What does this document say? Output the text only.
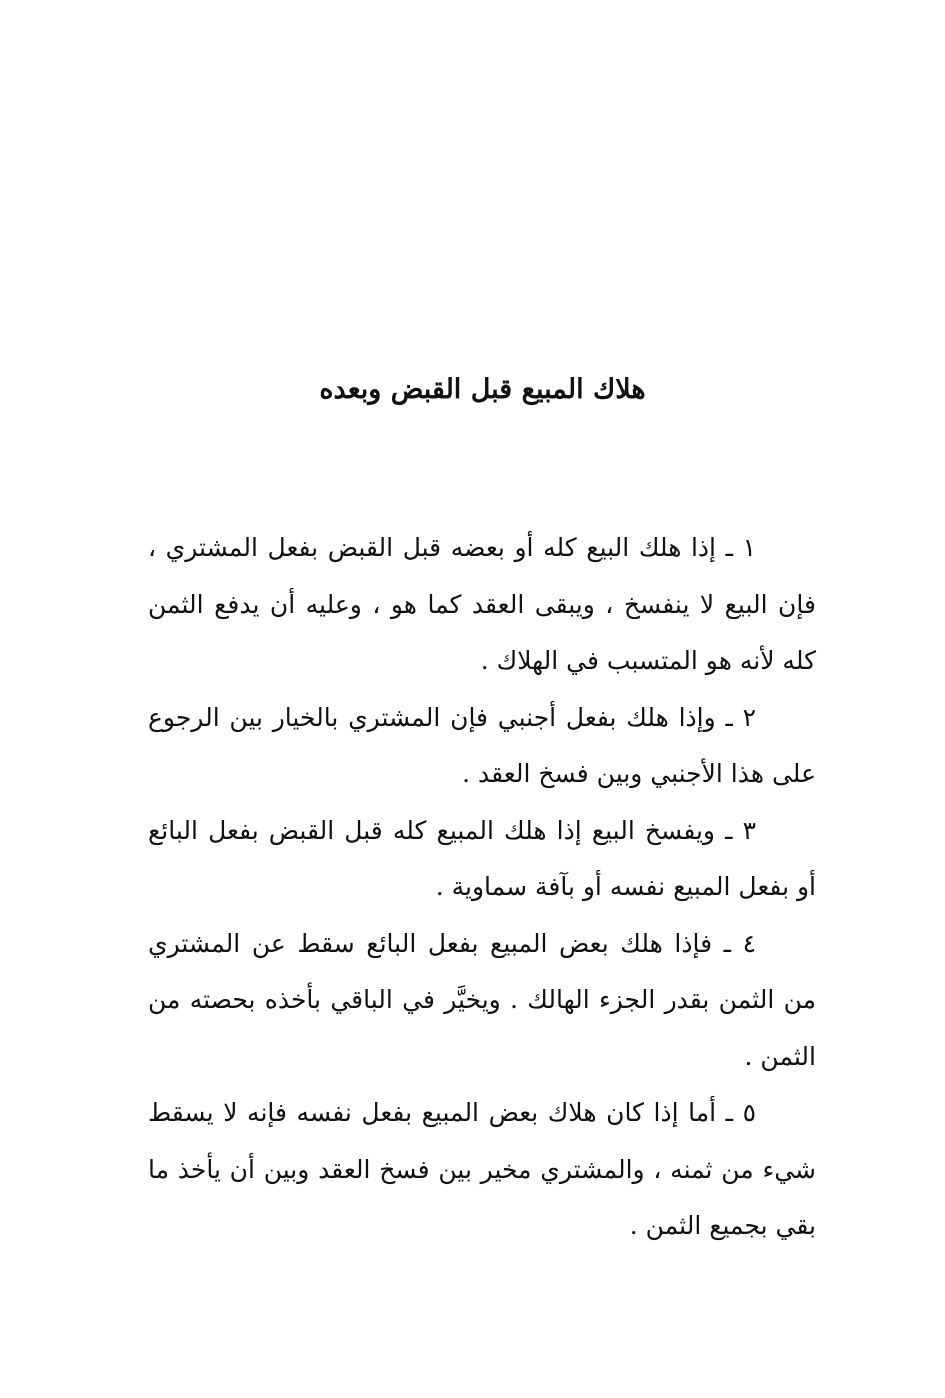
هلاك المبيع قبل القبض وبعده

١ ـ إذا هلك البيع كله أو بعضه قبل القبض بفعل المشتري ، فإن البيع لا ينفسخ ، ويبقى العقد كما هو ، وعليه أن يدفع الثمن كله لأنه هو المتسبب في الهلاك .

٢ ـ وإذا هلك بفعل أجنبي فإن المشتري بالخيار بين الرجوع على هذا الأجنبي وبين فسخ العقد .

٣ ـ ويفسخ البيع إذا هلك المبيع كله قبل القبض بفعل البائع أو بفعل المبيع نفسه أو بآفة سماوية .

٤ ـ فإذا هلك بعض المبيع بفعل البائع سقط عن المشتري من الثمن بقدر الجزء الهالك . ويخيَّر في الباقي بأخذه بحصته من الثمن .

٥ ـ أما إذا كان هلاك بعض المبيع بفعل نفسه فإنه لا يسقط شيء من ثمنه ، والمشتري مخير بين فسخ العقد وبين أن يأخذ ما بقي بجميع الثمن .
